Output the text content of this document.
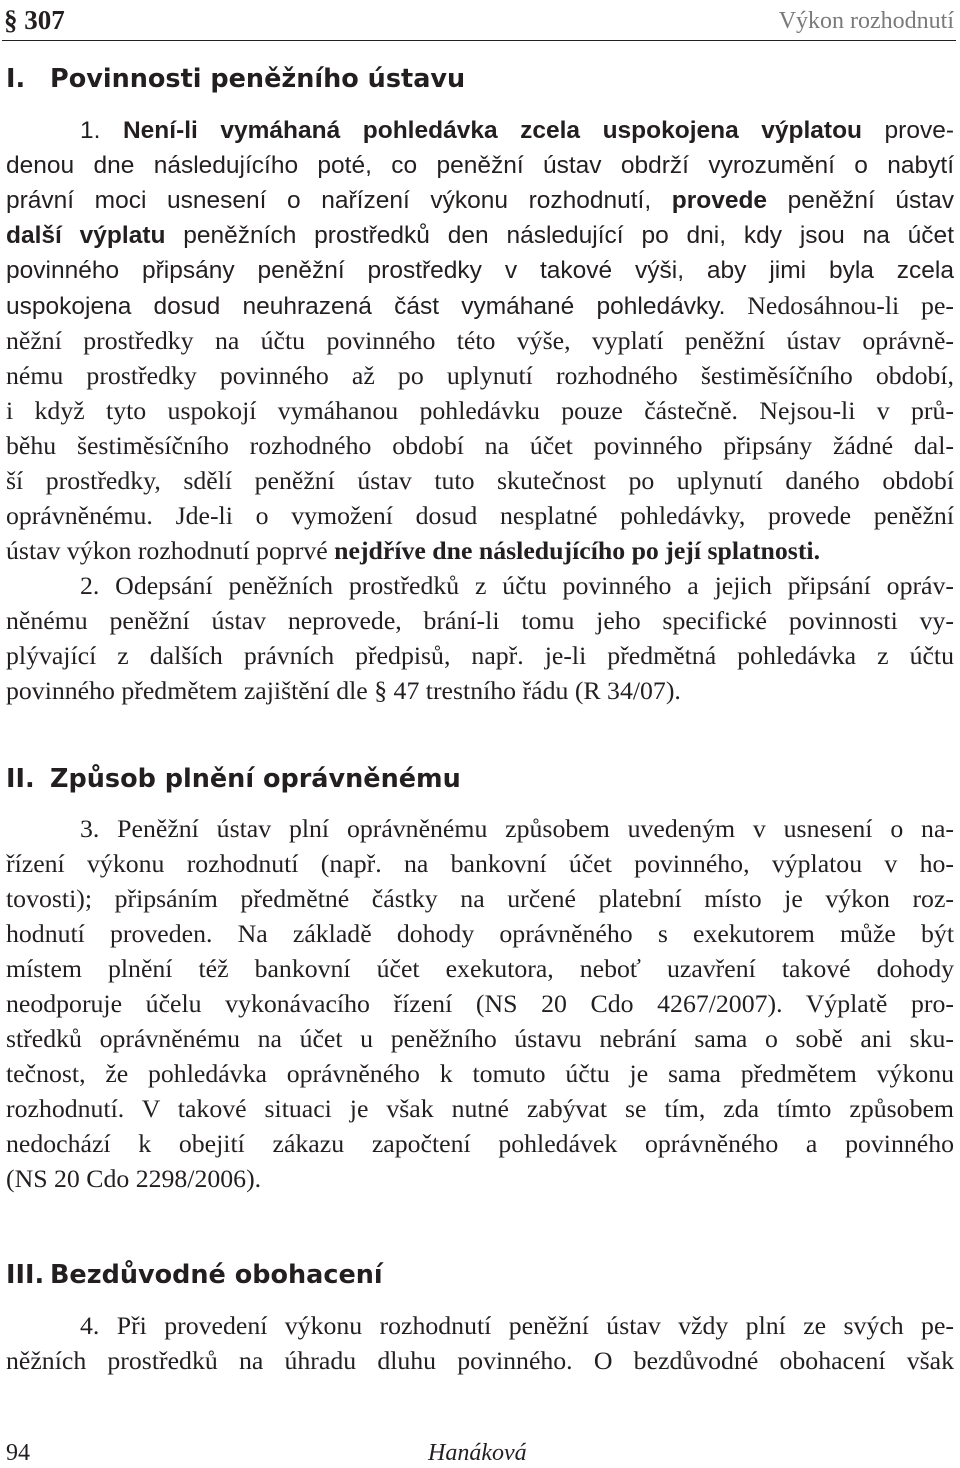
§ 307	Výkon rozhodnutí
I. Povinnosti peněžního ústavu
1. Není-li vymáhaná pohledávka zcela uspokojena výplatou prove-
denou dne následujícího poté, co peněžní ústav obdrží vyrozumění o nabytí
právní moci usnesení o nařízení výkonu rozhodnutí, provede peněžní ústav
další výplatu peněžních prostředků den následující po dni, kdy jsou na účet
povinného připsány peněžní prostředky v takové výši, aby jimi byla zcela
uspokojena dosud neuhrazená část vymáhané pohledávky. Nedosáhnou-li pe-
něžní prostředky na účtu povinného této výše, vyplatí peněžní ústav oprávně-
nému prostředky povinného až po uplynutí rozhodného šestiměsíčního období,
i když tyto uspokojí vymáhanou pohledávku pouze částečně. Nejsou-li v prů-
běhu šestiměsíčního rozhodného období na účet povinného připsány žádné dal-
ší prostředky, sdělí peněžní ústav tuto skutečnost po uplynutí daného období
oprávněnému. Jde-li o vymožení dosud nesplatné pohledávky, provede peněžní
ústav výkon rozhodnutí poprvé nejdříve dne následujícího po její splatnosti.
2. Odepsání peněžních prostředků z účtu povinného a jejich připsání opráv-
něnému peněžní ústav neprovede, brání-li tomu jeho specifické povinnosti vy-
plývající z dalších právních předpisů, např. je-li předmětná pohledávka z účtu
povinného předmětem zajištění dle § 47 trestního řádu (R 34/07).
II. Způsob plnění oprávněnému
3. Peněžní ústav plní oprávněnému způsobem uvedeným v usnesení o na-
řízení výkonu rozhodnutí (např. na bankovní účet povinného, výplatou v ho-
tovosti); připsáním předmětné částky na určené platební místo je výkon roz-
hodnutí proveden. Na základě dohody oprávněného s exekutorem může být
místem plnění též bankovní účet exekutora, neboť uzavření takové dohody
neodporuje účelu vykonávacího řízení (NS 20 Cdo 4267/2007). Výplatě pro-
středků oprávněnému na účet u peněžního ústavu nebrání sama o sobě ani sku-
tečnost, že pohledávka oprávněného k tomuto účtu je sama předmětem výkonu
rozhodnutí. V takové situaci je však nutné zabývat se tím, zda tímto způsobem
nedochází k obejití zákazu započtení pohledávek oprávněného a povinného
(NS 20 Cdo 2298/2006).
III. Bezdůvodné obohacení
4. Při provedení výkonu rozhodnutí peněžní ústav vždy plní ze svých pe-
něžních prostředků na úhradu dluhu povinného. O bezdůvodné obohacení však
94	Hanáková
